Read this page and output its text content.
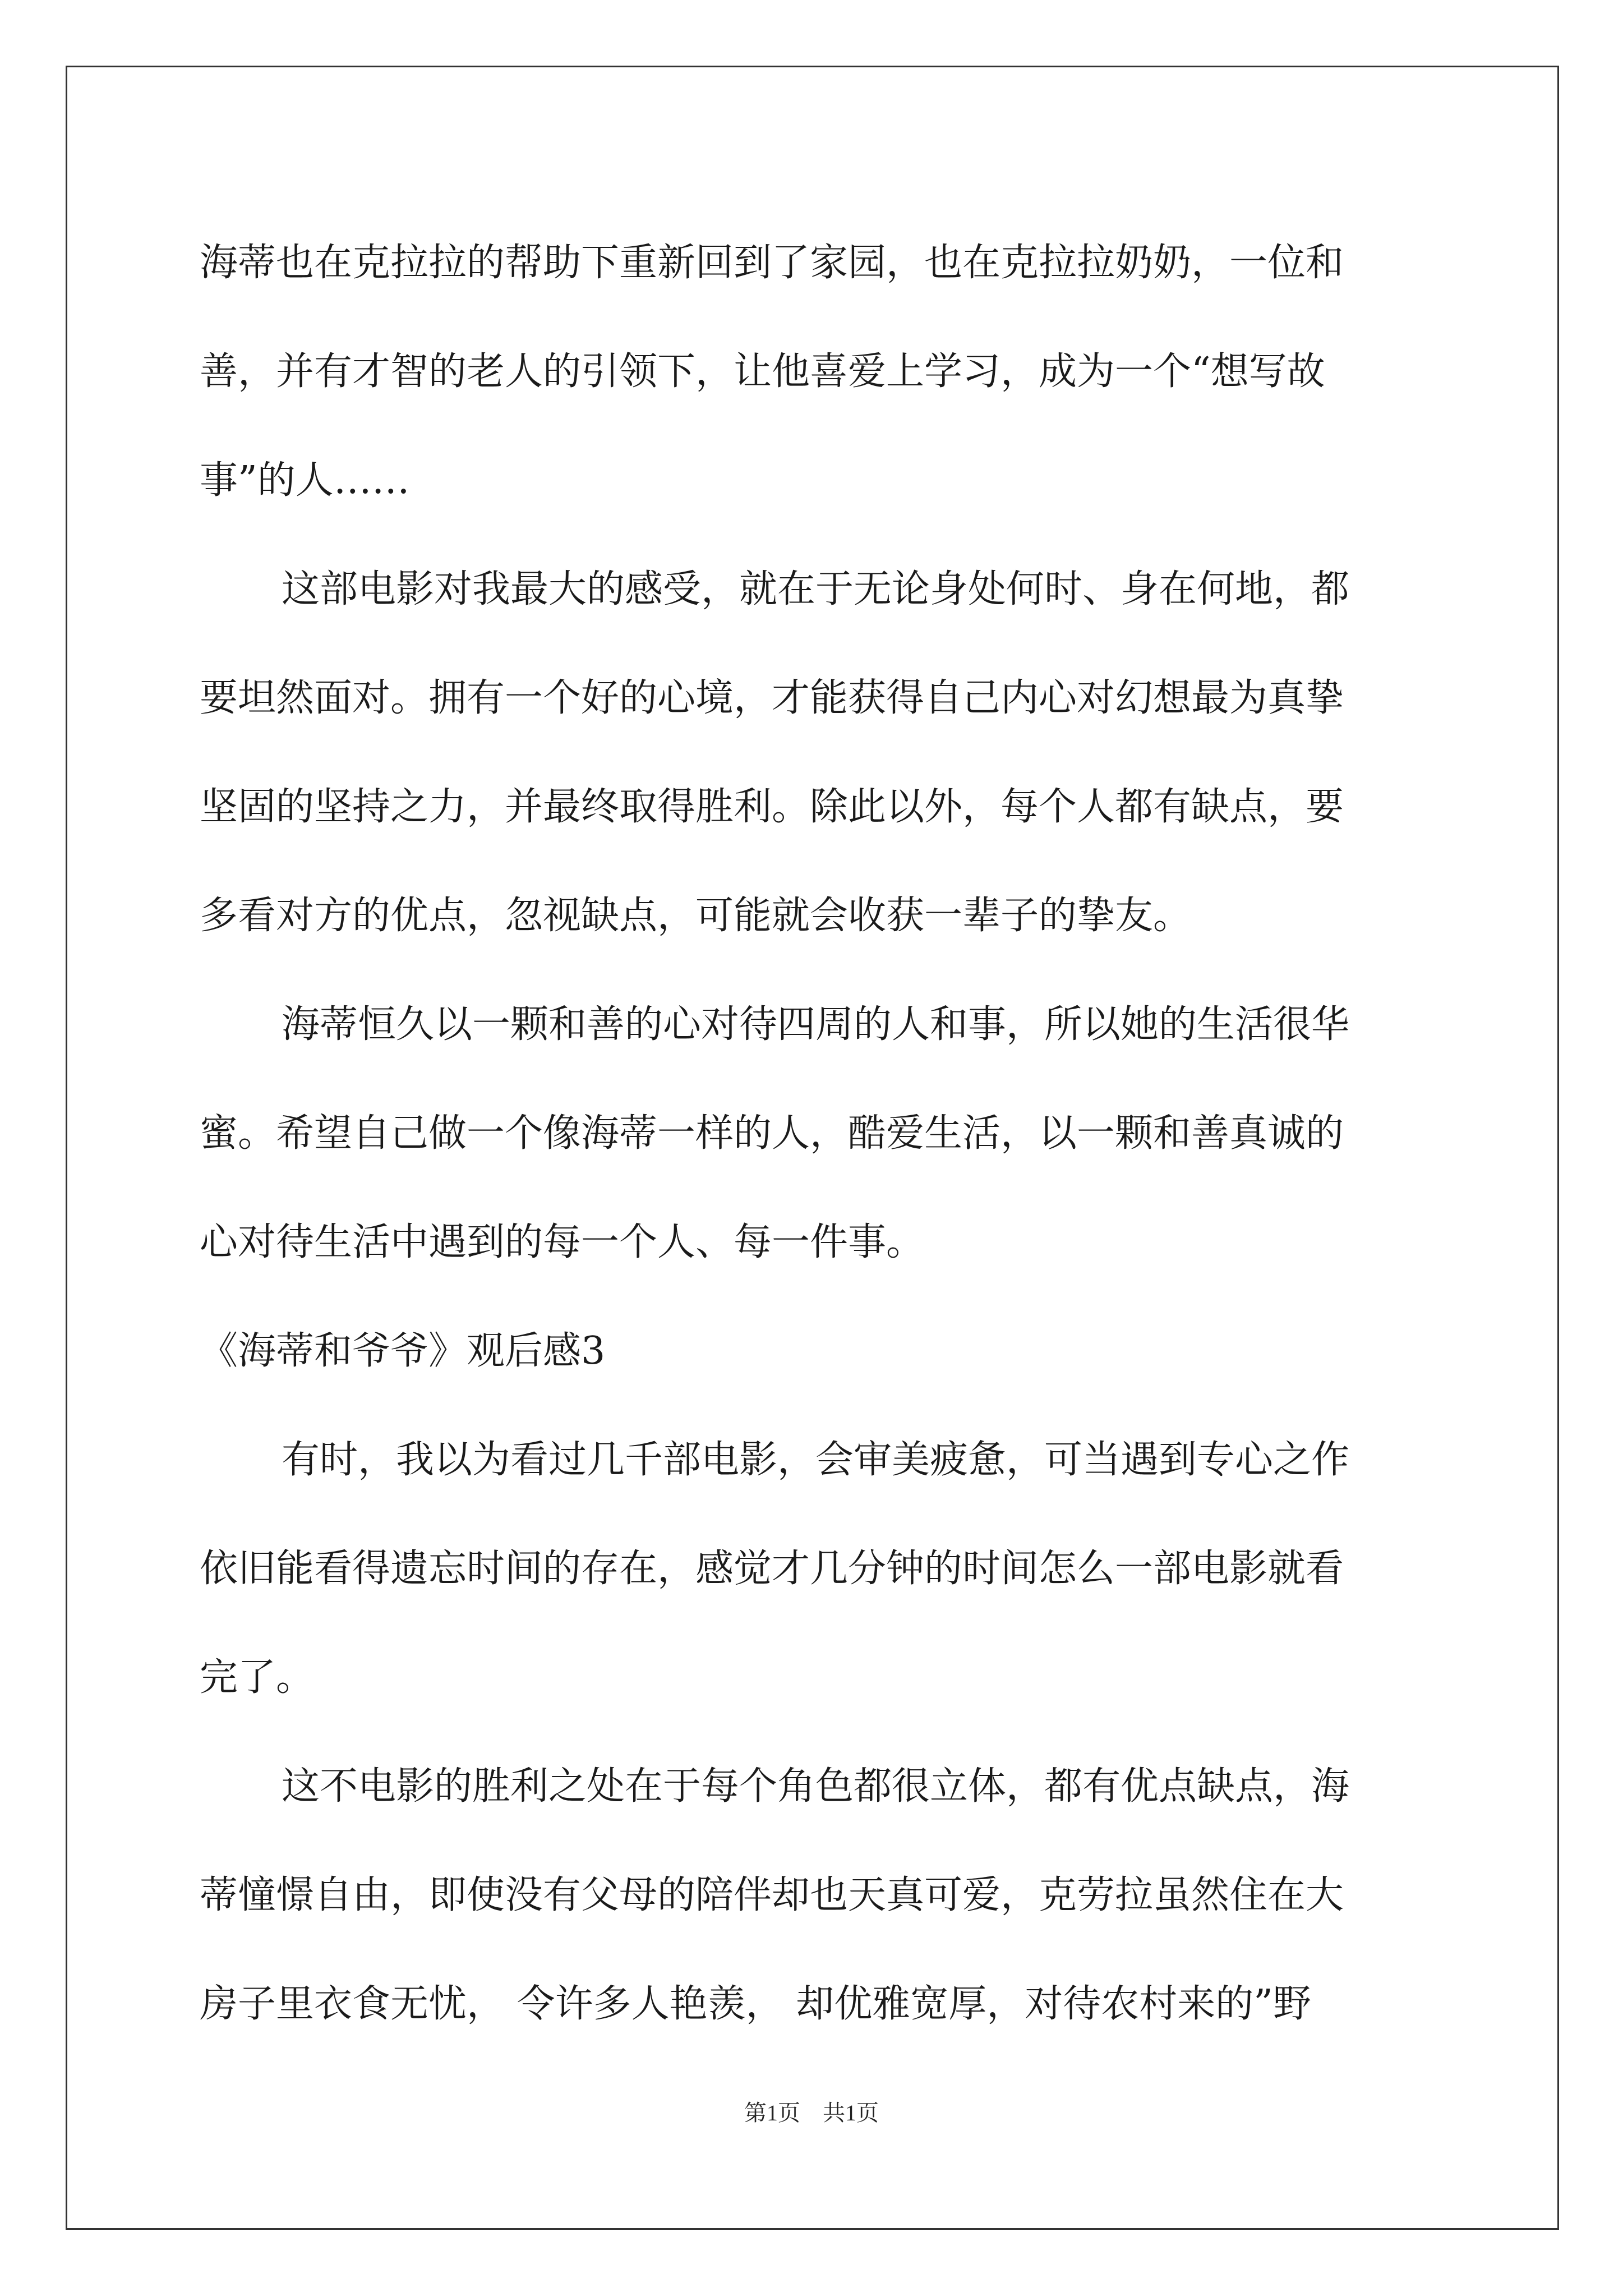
海蒂也在克拉拉的帮助下重新回到了家园，也在克拉拉奶奶，一位和
善，并有才智的老人的引领下，让他喜爱上学习，成为一个“想写故
事”的人……
这部电影对我最大的感受，就在于无论身处何时、身在何地，都
要坦然面对。拥有一个好的心境，才能获得自己内心对幻想最为真挚
坚固的坚持之力，并最终取得胜利。除此以外，每个人都有缺点，要
多看对方的优点，忽视缺点，可能就会收获一辈子的挚友。
海蒂恒久以一颗和善的心对待四周的人和事，所以她的生活很华
蜜。希望自己做一个像海蒂一样的人，酷爱生活，以一颗和善真诚的
心对待生活中遇到的每一个人、每一件事。
《海蒂和爷爷》观后感3
有时，我以为看过几千部电影，会审美疲惫，可当遇到专心之作
依旧能看得遗忘时间的存在，感觉才几分钟的时间怎么一部电影就看
完了。
这不电影的胜利之处在于每个角色都很立体，都有优点缺点，海
蒂憧憬自由，即使没有父母的陪伴却也天真可爱，克劳拉虽然住在大
房子里衣食无忧， 令许多人艳羡， 却优雅宽厚，对待农村来的”野
第1页 共1页
